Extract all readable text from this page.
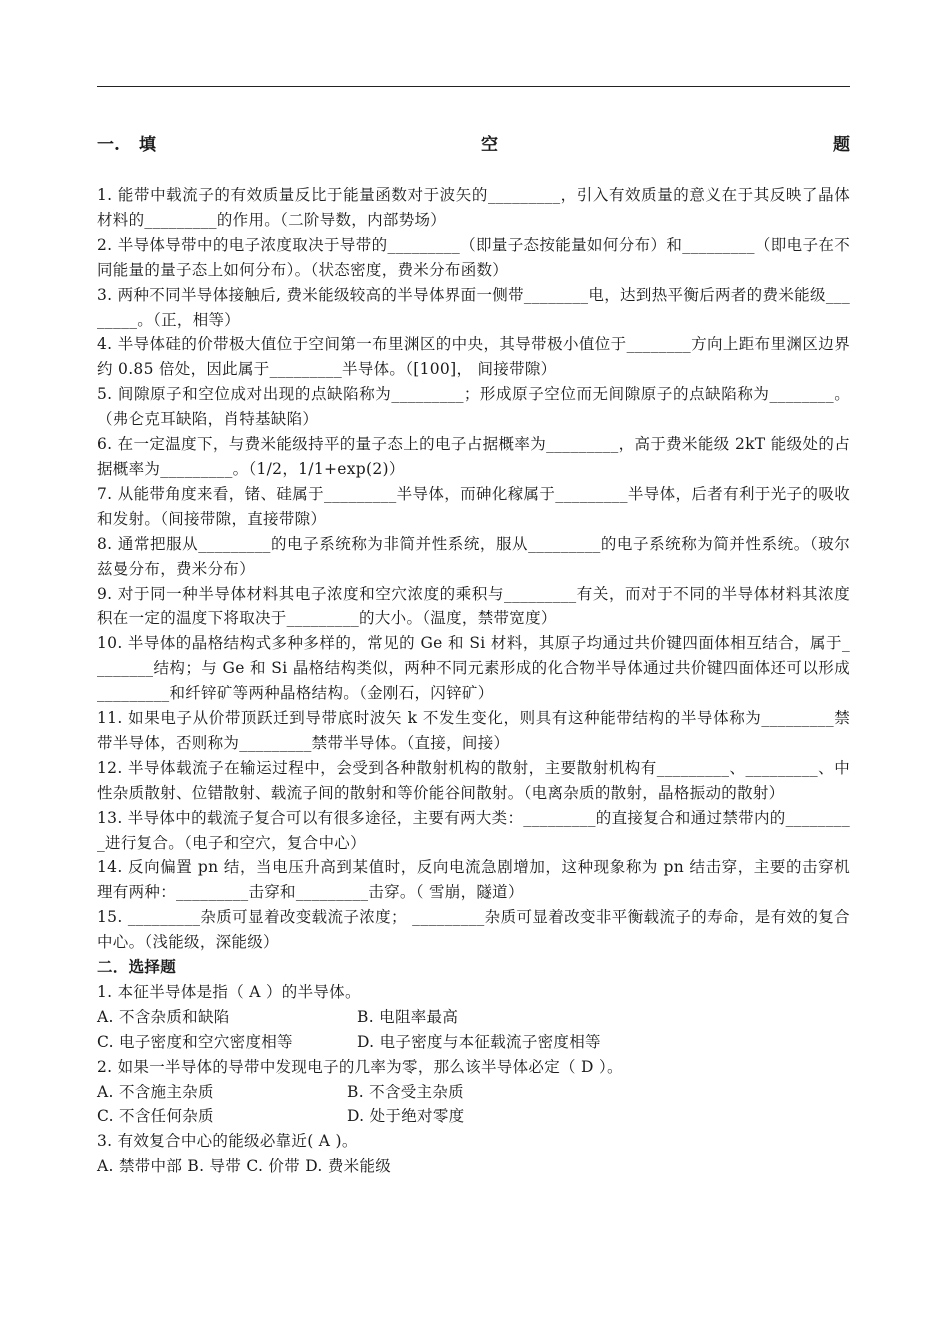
一. 填	空	题

1. 能带中载流子的有效质量反比于能量函数对于波矢的_________，引入有效质量的意义在于其反映了晶体材料的_________的作用。（二阶导数，内部势场）

2. 半导体导带中的电子浓度取决于导带的_________（即量子态按能量如何分布）和_________（即电子在不同能量的量子态上如何分布）。（状态密度，费米分布函数）

3. 两种不同半导体接触后, 费米能级较高的半导体界面一侧带________电，达到热平衡后两者的费米能级________。（正，相等）

4. 半导体硅的价带极大值位于空间第一布里渊区的中央，其导带极小值位于________方向上距布里渊区边界约 0.85 倍处，因此属于_________半导体。（[100]， 间接带隙）

5. 间隙原子和空位成对出现的点缺陷称为_________；形成原子空位而无间隙原子的点缺陷称为________。（弗仑克耳缺陷，肖特基缺陷）

6. 在一定温度下，与费米能级持平的量子态上的电子占据概率为_________，高于费米能级 2kT 能级处的占据概率为_________。（1/2，1/1+exp(2)）

7. 从能带角度来看，锗、硅属于_________半导体，而砷化稼属于_________半导体，后者有利于光子的吸收和发射。（间接带隙，直接带隙）

8. 通常把服从_________的电子系统称为非简并性系统，服从_________的电子系统称为简并性系统。（玻尔兹曼分布，费米分布）

9. 对于同一种半导体材料其电子浓度和空穴浓度的乘积与_________有关，而对于不同的半导体材料其浓度积在一定的温度下将取决于_________的大小。（温度，禁带宽度）

10. 半导体的晶格结构式多种多样的，常见的 Ge 和 Si 材料，其原子均通过共价键四面体相互结合，属于________结构；与 Ge 和 Si 晶格结构类似，两种不同元素形成的化合物半导体通过共价键四面体还可以形成_________和纤锌矿等两种晶格结构。（金刚石，闪锌矿）

11. 如果电子从价带顶跃迁到导带底时波矢 k 不发生变化，则具有这种能带结构的半导体称为_________禁带半导体，否则称为_________禁带半导体。（直接，间接）

12. 半导体载流子在输运过程中，会受到各种散射机构的散射，主要散射机构有_________、_________、中性杂质散射、位错散射、载流子间的散射和等价能谷间散射。（电离杂质的散射，晶格振动的散射）

13. 半导体中的载流子复合可以有很多途径，主要有两大类：_________的直接复合和通过禁带内的_________进行复合。（电子和空穴，复合中心）

14. 反向偏置 pn 结，当电压升高到某值时，反向电流急剧增加，这种现象称为 pn 结击穿，主要的击穿机理有两种：_________击穿和_________击穿。（ 雪崩，隧道）

15. _________杂质可显着改变载流子浓度； _________杂质可显着改变非平衡载流子的寿命，是有效的复合中心。（浅能级，深能级）

二．选择题

1. 本征半导体是指（ A ）的半导体。

A. 不含杂质和缺陷	B. 电阻率最高
C. 电子密度和空穴密度相等	D. 电子密度与本征载流子密度相等

2. 如果一半导体的导带中发现电子的几率为零，那么该半导体必定（ D ）。

A. 不含施主杂质	B. 不含受主杂质
C. 不含任何杂质	D. 处于绝对零度

3. 有效复合中心的能级必靠近( A )。

A. 禁带中部 B. 导带 C. 价带 D. 费米能级
